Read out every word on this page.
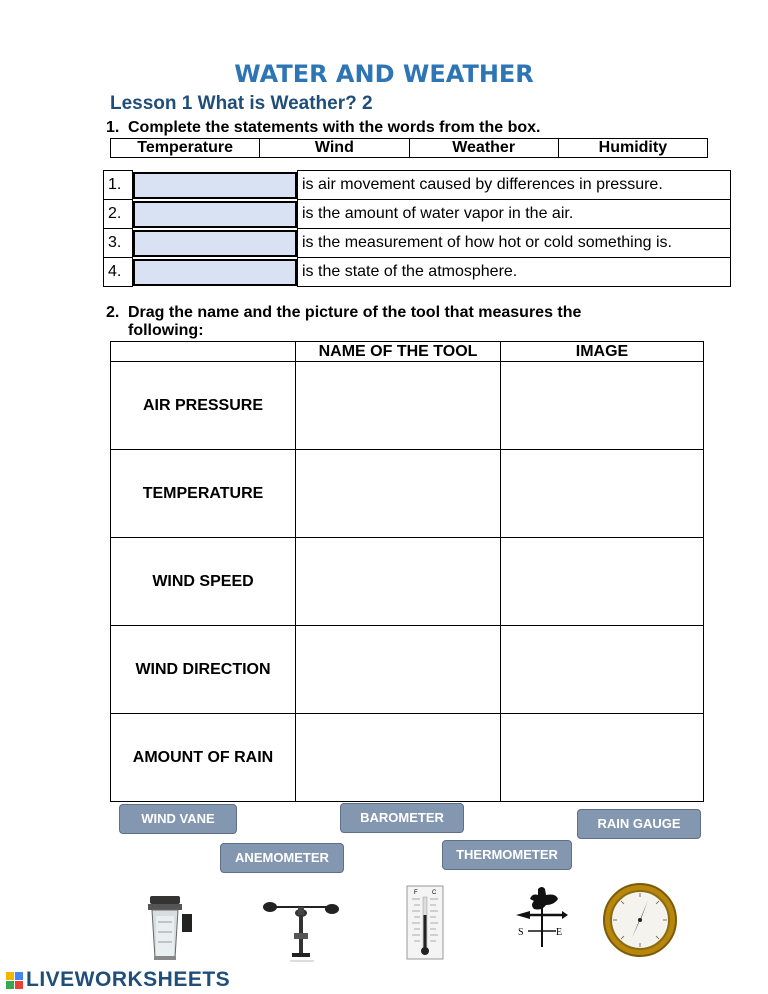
WATER AND WEATHER
Lesson 1 What is Weather? 2
1. Complete the statements with the words from the box.
Temperature	Wind	Weather	Humidity
1.		is air movement caused by differences in pressure.
2.		is the amount of water vapor in the air.
3.		is the measurement of how hot or cold something is.
4.		is the state of the atmosphere.
2. Drag the name and the picture of the tool that measures the
following:
	NAME OF THE TOOL	IMAGE
AIR PRESSURE		
TEMPERATURE		
WIND SPEED		
WIND DIRECTION		
AMOUNT OF RAIN		
WIND VANE	BAROMETER	RAIN GAUGE
ANEMOMETER	THERMOMETER
F C
S	E
LIVEWORKSHEETS
